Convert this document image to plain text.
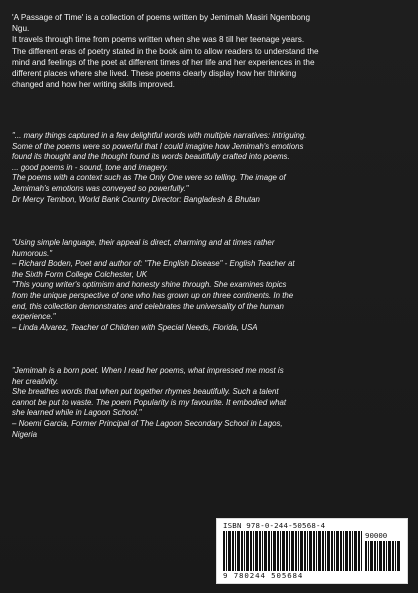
'A Passage of Time' is a collection of poems written by Jemimah Masiri Ngembong
Ngu.
It travels through time from poems written when she was 8 till her teenage years.
The different eras of poetry stated in the book aim to allow readers to understand the
mind and feelings of the poet at different times of her life and her experiences in the
different places where she lived. These poems clearly display how her thinking
changed and how her writing skills improved.
"... many things captured in a few delightful words with multiple narratives: intriguing.
Some of the poems were so powerful that I could imagine how Jemimah's emotions
found its thought and the thought found its words beautifully crafted into poems.
... good poems in - sound, tone and imagery.
The poems with a context such as The Only One were so telling. The image of
Jemimah's emotions was conveyed so powerfully."
Dr Mercy Tembon, World Bank Country Director: Bangladesh & Bhutan
"Using simple language, their appeal is direct, charming and at times rather
humorous."
– Richard Boden, Poet and author of: "The English Disease" - English Teacher at
the Sixth Form College Colchester, UK
"This young writer's optimism and honesty shine through. She examines topics
from the unique perspective of one who has grown up on three continents. In the
end, this collection demonstrates and celebrates the universality of the human
experience."
– Linda Alvarez, Teacher of Children with Special Needs, Florida, USA
"Jemimah is a born poet. When I read her poems, what impressed me most is
her creativity.
She breathes words that when put together rhymes beautifully. Such a talent
cannot be put to waste. The poem Popularity is my favourite. It embodied what
she learned while in Lagoon School."
– Noemi Garcia, Former Principal of The Lagoon Secondary School in Lagos,
Nigeria
ISBN 978-0-244-50568-4
90000
9 780244 505684
